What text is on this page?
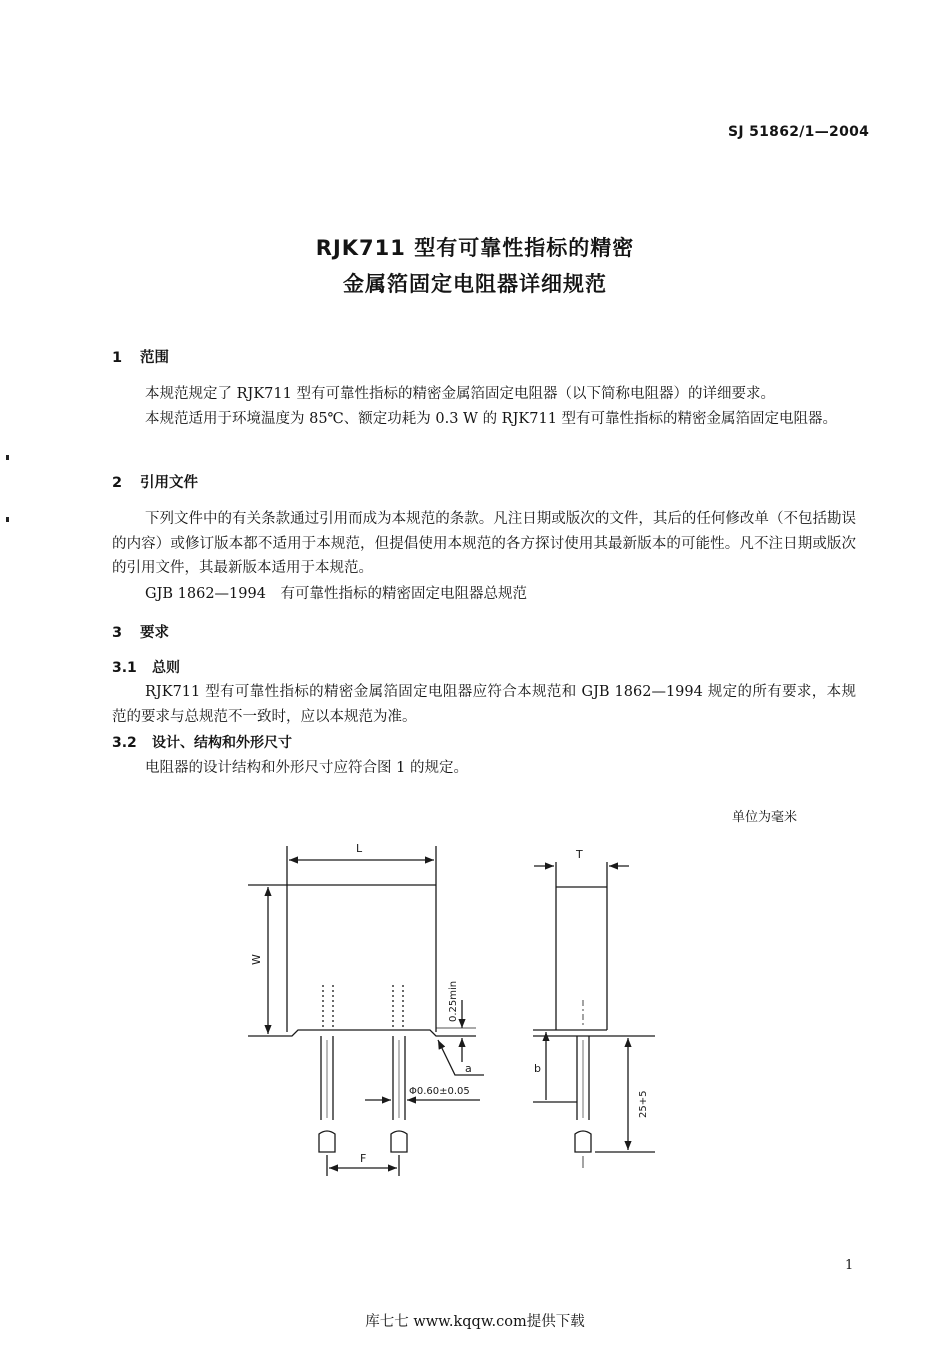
SJ 51862/1—2004
RJK711 型有可靠性指标的精密
金属箔固定电阻器详细规范
1 范围
本规范规定了 RJK711 型有可靠性指标的精密金属箔固定电阻器（以下简称电阻器）的详细要求。
本规范适用于环境温度为 85℃、额定功耗为 0.3 W 的 RJK711 型有可靠性指标的精密金属箔固定电阻器。
2 引用文件
下列文件中的有关条款通过引用而成为本规范的条款。凡注日期或版次的文件，其后的任何修改单（不包括勘误的内容）或修订版本都不适用于本规范，但提倡使用本规范的各方探讨使用其最新版本的可能性。凡不注日期或版次的引用文件，其最新版本适用于本规范。
GJB 1862—1994　有可靠性指标的精密固定电阻器总规范
3 要求
3.1 总则
RJK711 型有可靠性指标的精密金属箔固定电阻器应符合本规范和 GJB 1862—1994 规定的所有要求，本规范的要求与总规范不一致时，应以本规范为准。
3.2 设计、结构和外形尺寸
电阻器的设计结构和外形尺寸应符合图 1 的规定。
单位为毫米
L	T
W
0.25min
a
Φ0.60±0.05
F
b
25+5
1
库七七 www.kqqw.com提供下载
